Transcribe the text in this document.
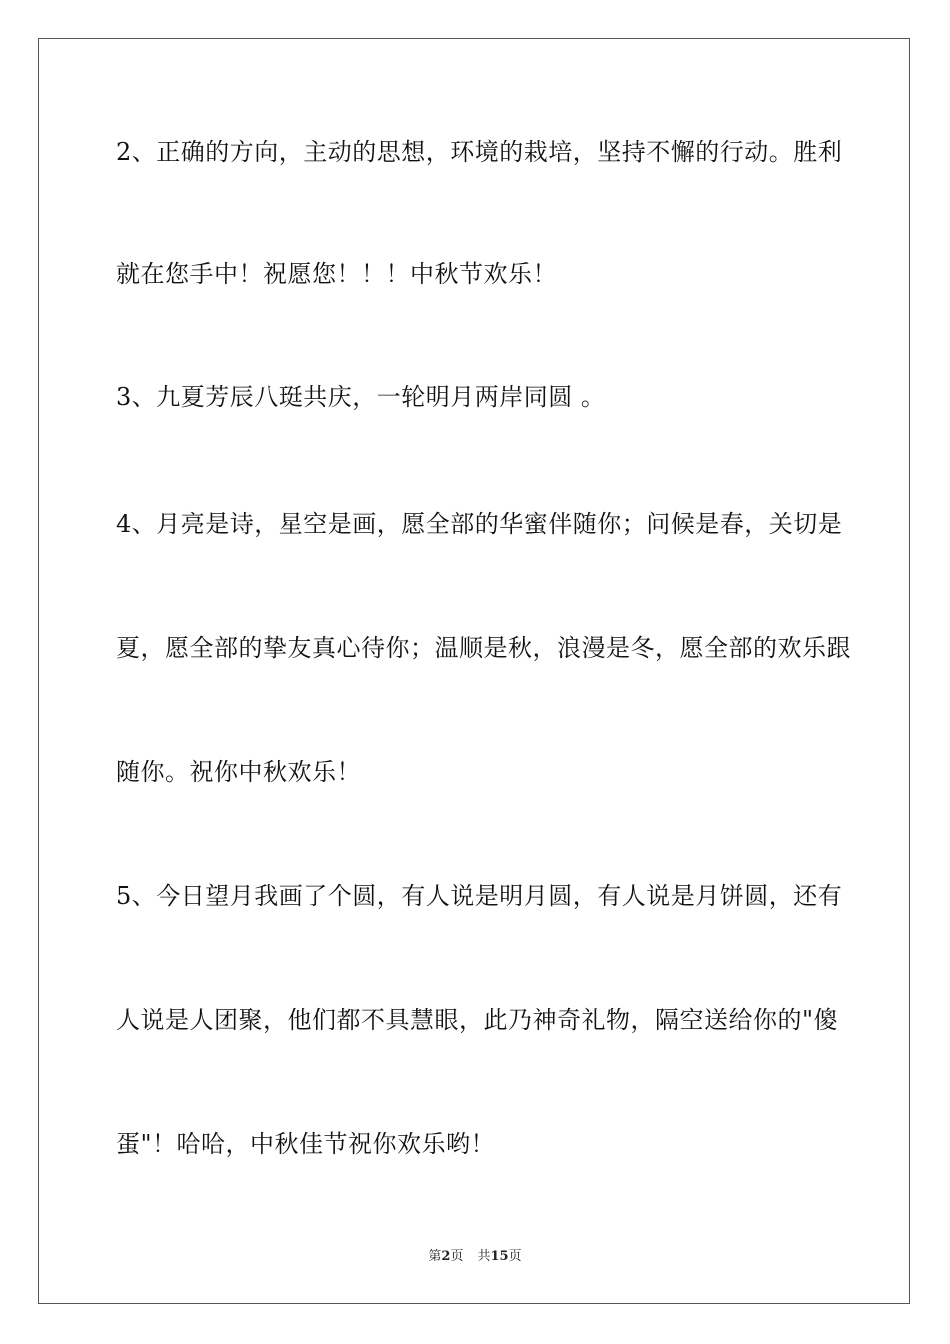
2、正确的方向，主动的思想，环境的栽培，坚持不懈的行动。胜利
就在您手中！祝愿您！！！中秋节欢乐！
3、九夏芳辰八珽共庆，一轮明月两岸同圆 。
4、月亮是诗，星空是画，愿全部的华蜜伴随你；问候是春，关切是
夏，愿全部的挚友真心待你；温顺是秋，浪漫是冬，愿全部的欢乐跟
随你。祝你中秋欢乐！
5、今日望月我画了个圆，有人说是明月圆，有人说是月饼圆，还有
人说是人团聚，他们都不具慧眼，此乃神奇礼物，隔空送给你的"傻
蛋"！哈哈，中秋佳节祝你欢乐哟！
第2页 共15页
